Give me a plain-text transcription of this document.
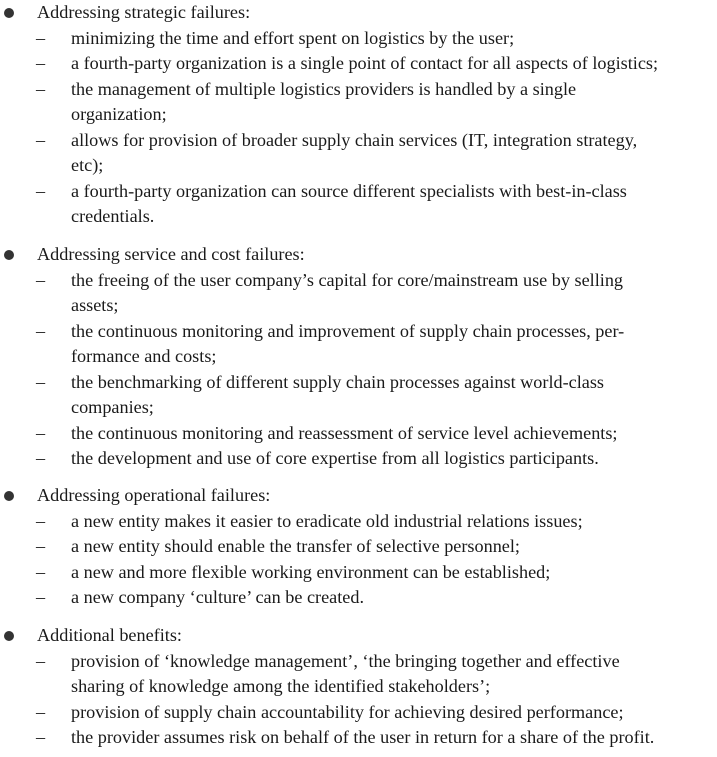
Addressing strategic failures:
–	minimizing the time and effort spent on logistics by the user;
–	a fourth-party organization is a single point of contact for all aspects of logistics;
–	the management of multiple logistics providers is handled by a single
organization;
–	allows for provision of broader supply chain services (IT, integration strategy,
etc);
–	a fourth-party organization can source different specialists with best-in-class
credentials.
Addressing service and cost failures:
–	the freeing of the user company’s capital for core/mainstream use by selling
assets;
–	the continuous monitoring and improvement of supply chain processes, per-
formance and costs;
–	the benchmarking of different supply chain processes against world-class
companies;
–	the continuous monitoring and reassessment of service level achievements;
–	the development and use of core expertise from all logistics participants.
Addressing operational failures:
–	a new entity makes it easier to eradicate old industrial relations issues;
–	a new entity should enable the transfer of selective personnel;
–	a new and more flexible working environment can be established;
–	a new company ‘culture’ can be created.
Additional benefits:
–	provision of ‘knowledge management’, ‘the bringing together and effective
sharing of knowledge among the identified stakeholders’;
–	provision of supply chain accountability for achieving desired performance;
–	the provider assumes risk on behalf of the user in return for a share of the profit.
